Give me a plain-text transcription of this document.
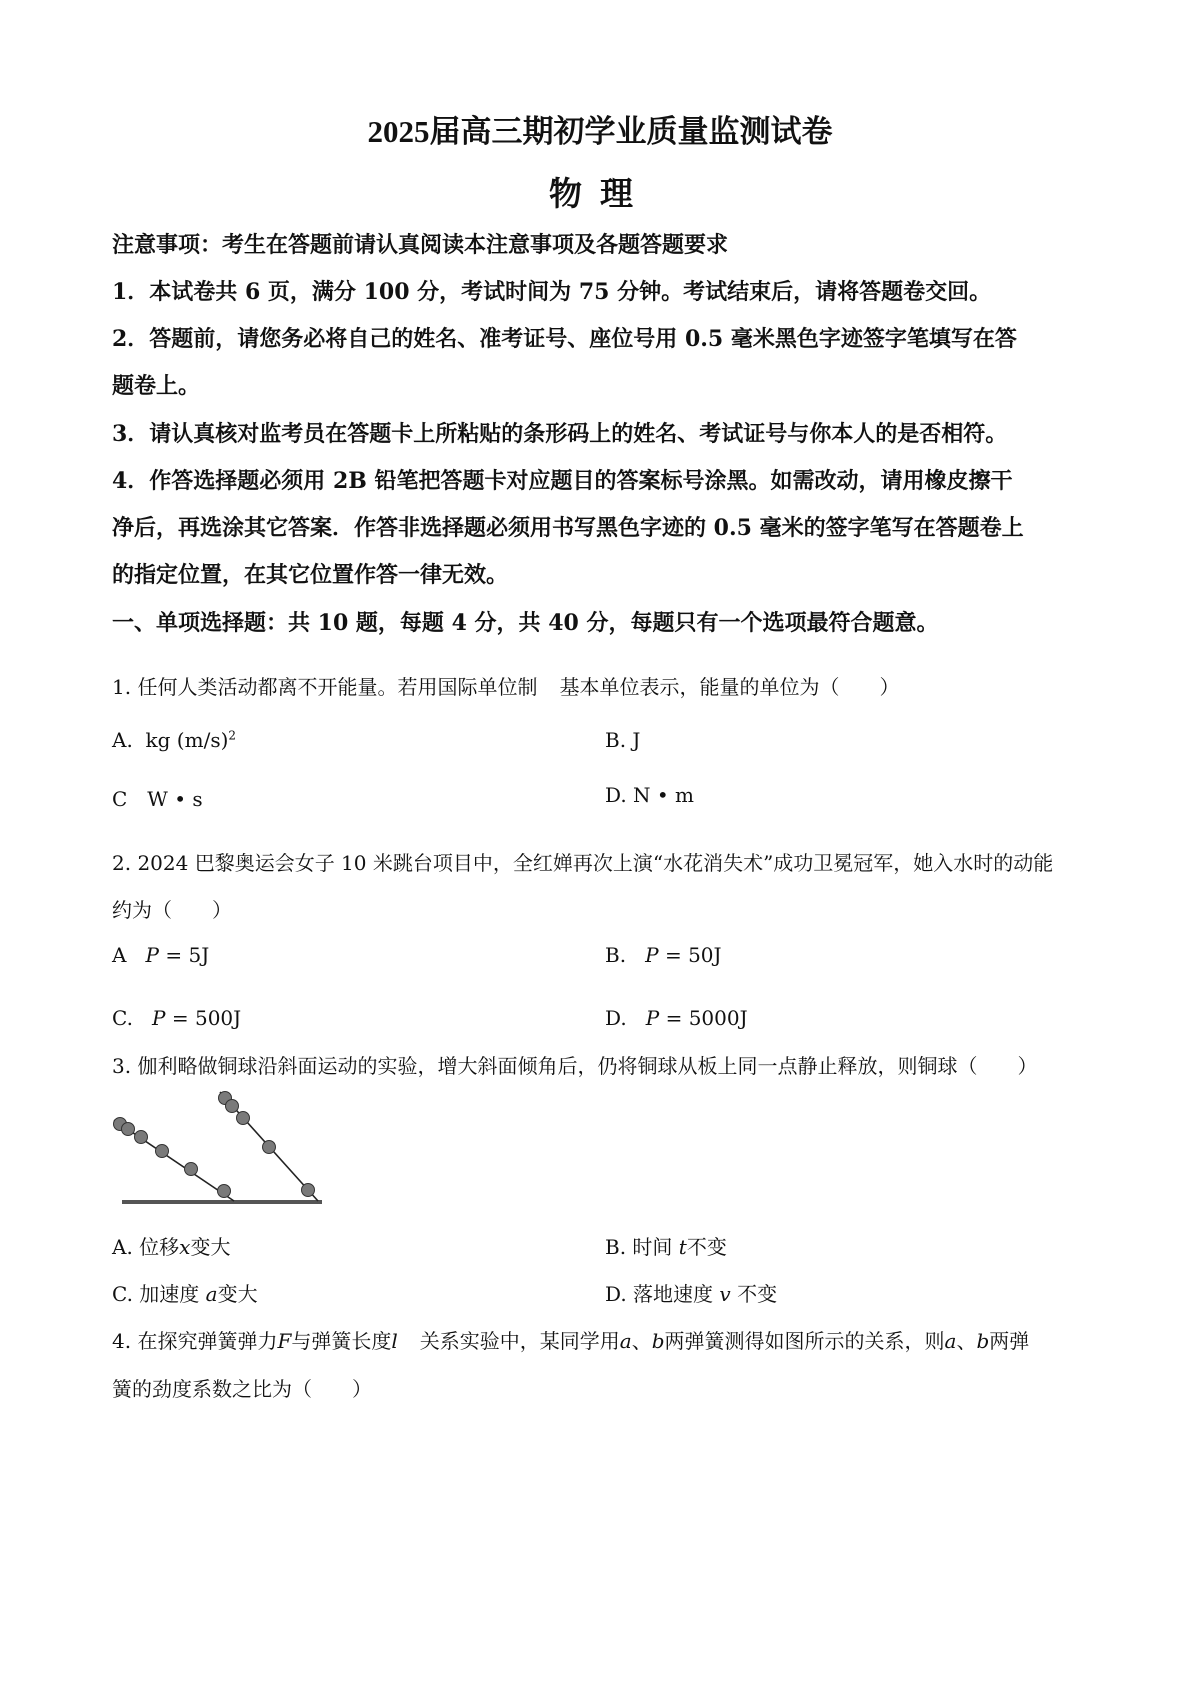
2025届高三期初学业质量监测试卷
物理
注意事项：考生在答题前请认真阅读本注意事项及各题答题要求
1．本试卷共 6 页，满分 100 分，考试时间为 75 分钟。考试结束后，请将答题卷交回。
2．答题前，请您务必将自己的姓名、准考证号、座位号用 0.5 毫米黑色字迹签字笔填写在答
题卷上。
3．请认真核对监考员在答题卡上所粘贴的条形码上的姓名、考试证号与你本人的是否相符。
4．作答选择题必须用 2B 铅笔把答题卡对应题目的答案标号涂黑。如需改动，请用橡皮擦干
净后，再选涂其它答案．作答非选择题必须用书写黑色字迹的 0.5 毫米的签字笔写在答题卷上
的指定位置，在其它位置作答一律无效。
一、单项选择题：共 10 题，每题 4 分，共 40 分，每题只有一个选项最符合题意。
1. 任何人类活动都离不开能量。若用国际单位制 基本单位表示，能量的单位为（　　）
A. kg $(m/s)^2$	B. J
C　W • s	D. N • m
2. 2024 巴黎奥运会女子 10 米跳台项目中，全红婵再次上演“水花消失术”成功卫冕冠军，她入水时的动能
约为（　　）
A P = 5J	B. P = 50J
C. P = 500J	D. P = 5000J
3. 伽利略做铜球沿斜面运动的实验，增大斜面倾角后，仍将铜球从板上同一点静止释放，则铜球（　　）
A. 位移x变大	B. 时间 t不变
C. 加速度 a变大	D. 落地速度 v 不变
4. 在探究弹簧弹力F与弹簧长度l 关系实验中，某同学用a、b两弹簧测得如图所示的关系，则a、b两弹
簧的劲度系数之比为（　　）
